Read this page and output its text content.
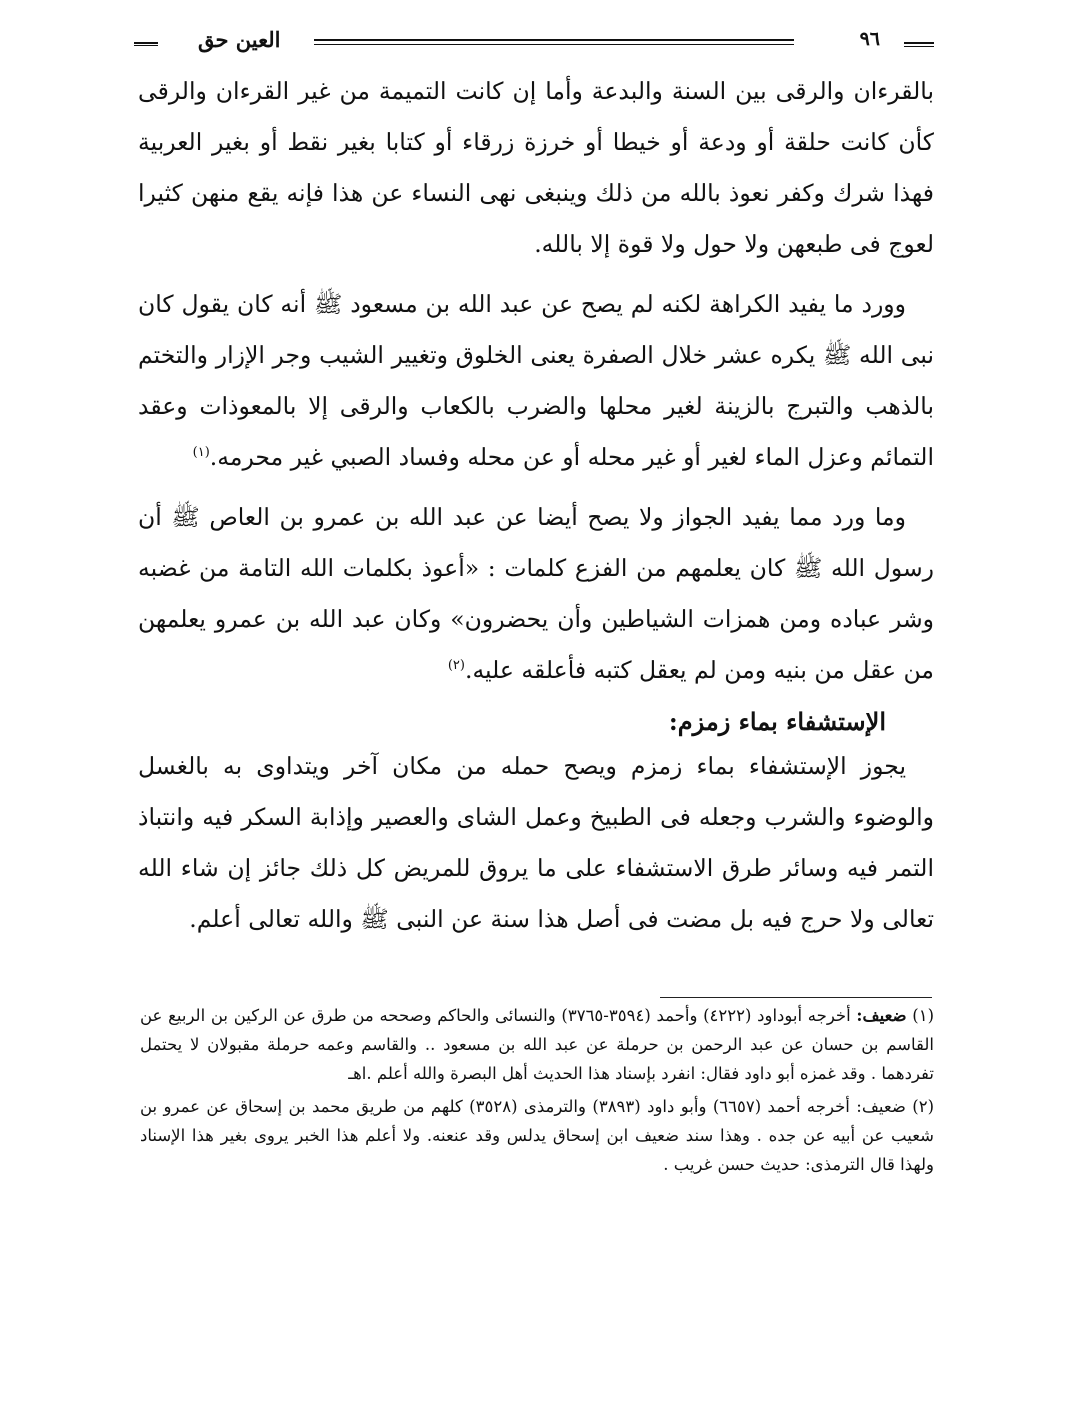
٩٦
العين حق

بالقرءان والرقى بين السنة والبدعة وأما إن كانت التميمة من غير القرءان والرقى كأن كانت حلقة أو ودعة أو خيطا أو خرزة زرقاء أو كتابا بغير نقط أو بغير العربية فهذا شرك وكفر نعوذ بالله من ذلك وينبغى نهى النساء عن هذا فإنه يقع منهن كثيرا لعوج فى طبعهن ولا حول ولا قوة إلا بالله.

وورد ما يفيد الكراهة لكنه لم يصح عن عبد الله بن مسعود ﷺ أنه كان يقول كان نبى الله ﷺ يكره عشر خلال الصفرة يعنى الخلوق وتغيير الشيب وجر الإزار والتختم بالذهب والتبرج بالزينة لغير محلها والضرب بالكعاب والرقى إلا بالمعوذات وعقد التمائم وعزل الماء لغير أو غير محله أو عن محله وفساد الصبي غير محرمه.$^{(١)}$

وما ورد مما يفيد الجواز ولا يصح أيضا عن عبد الله بن عمرو بن العاص ﷺ أن رسول الله ﷺ كان يعلمهم من الفزع كلمات : «أعوذ بكلمات الله التامة من غضبه وشر عباده ومن همزات الشياطين وأن يحضرون» وكان عبد الله بن عمرو يعلمهن من عقل من بنيه ومن لم يعقل كتبه فأعلقه عليه.$^{(٢)}$

الإستشفاء بماء زمزم:

يجوز الإستشفاء بماء زمزم ويصح حمله من مكان آخر ويتداوى به بالغسل والوضوء والشرب وجعله فى الطبيخ وعمل الشاى والعصير وإذابة السكر فيه وانتباذ التمر فيه وسائر طرق الاستشفاء على ما يروق للمريض كل ذلك جائز إن شاء الله تعالى ولا حرج فيه بل مضت فى أصل هذا سنة عن النبى ﷺ والله تعالى أعلم.

(١) ضعيف: أخرجه أبوداود (٤٢٢٢) وأحمد (٣٥٩٤-٣٧٦٥) والنسائى والحاكم وصححه من طرق عن الركين بن الربيع عن القاسم بن حسان عن عبد الرحمن بن حرملة عن عبد الله بن مسعود .. والقاسم وعمه حرملة مقبولان لا يحتمل تفردهما . وقد غمزه أبو داود فقال: انفرد بإسناد هذا الحديث أهل البصرة والله أعلم .اهـ

(٢) ضعيف: أخرجه أحمد (٦٦٥٧) وأبو داود (٣٨٩٣) والترمذى (٣٥٢٨) كلهم من طريق محمد بن إسحاق عن عمرو بن شعيب عن أبيه عن جده . وهذا سند ضعيف ابن إسحاق يدلس وقد عنعنه. ولا أعلم هذا الخبر يروى بغير هذا الإسناد ولهذا قال الترمذى: حديث حسن غريب .
